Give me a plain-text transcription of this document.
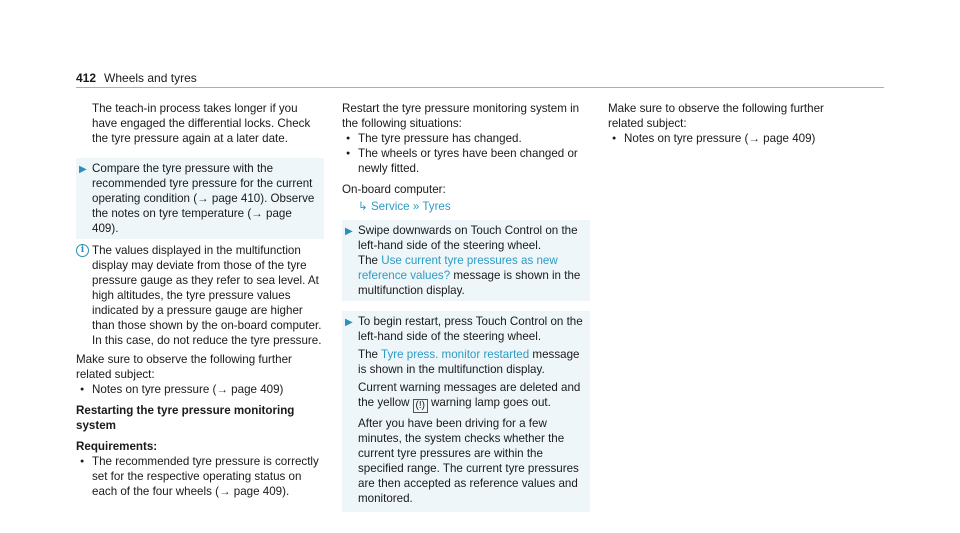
412 Wheels and tyres

The teach-in process takes longer if you have engaged the differential locks. Check the tyre pressure again at a later date.

▶ Compare the tyre pressure with the recommended tyre pressure for the current operating condition (→ page 410). Observe the notes on tyre temperature (→ page 409).

i The values displayed in the multifunction display may deviate from those of the tyre pressure gauge as they refer to sea level. At high altitudes, the tyre pressure values indicated by a pressure gauge are higher than those shown by the on-board computer. In this case, do not reduce the tyre pressure.

Make sure to observe the following further related subject:

● Notes on tyre pressure (→ page 409)
Restarting the tyre pressure monitoring system
Requirements:
● The recommended tyre pressure is correctly set for the respective operating status on each of the four wheels (→ page 409).

Restart the tyre pressure monitoring system in the following situations:

● The tyre pressure has changed.
● The wheels or tyres have been changed or newly fitted.

On-board computer:

↳ Service » Tyres
▶ Swipe downwards on Touch Control on the left-hand side of the steering wheel.

The Use current tyre pressures as new reference values? message is shown in the multifunction display.

▶ To begin restart, press Touch Control on the left-hand side of the steering wheel.

The Tyre press. monitor restarted message is shown in the multifunction display.

Current warning messages are deleted and the yellow (!) warning lamp goes out.

After you have been driving for a few minutes, the system checks whether the current tyre pressures are within the specified range. The current tyre pressures are then accepted as reference values and monitored.

Make sure to observe the following further related subject:

● Notes on tyre pressure (→ page 409)
